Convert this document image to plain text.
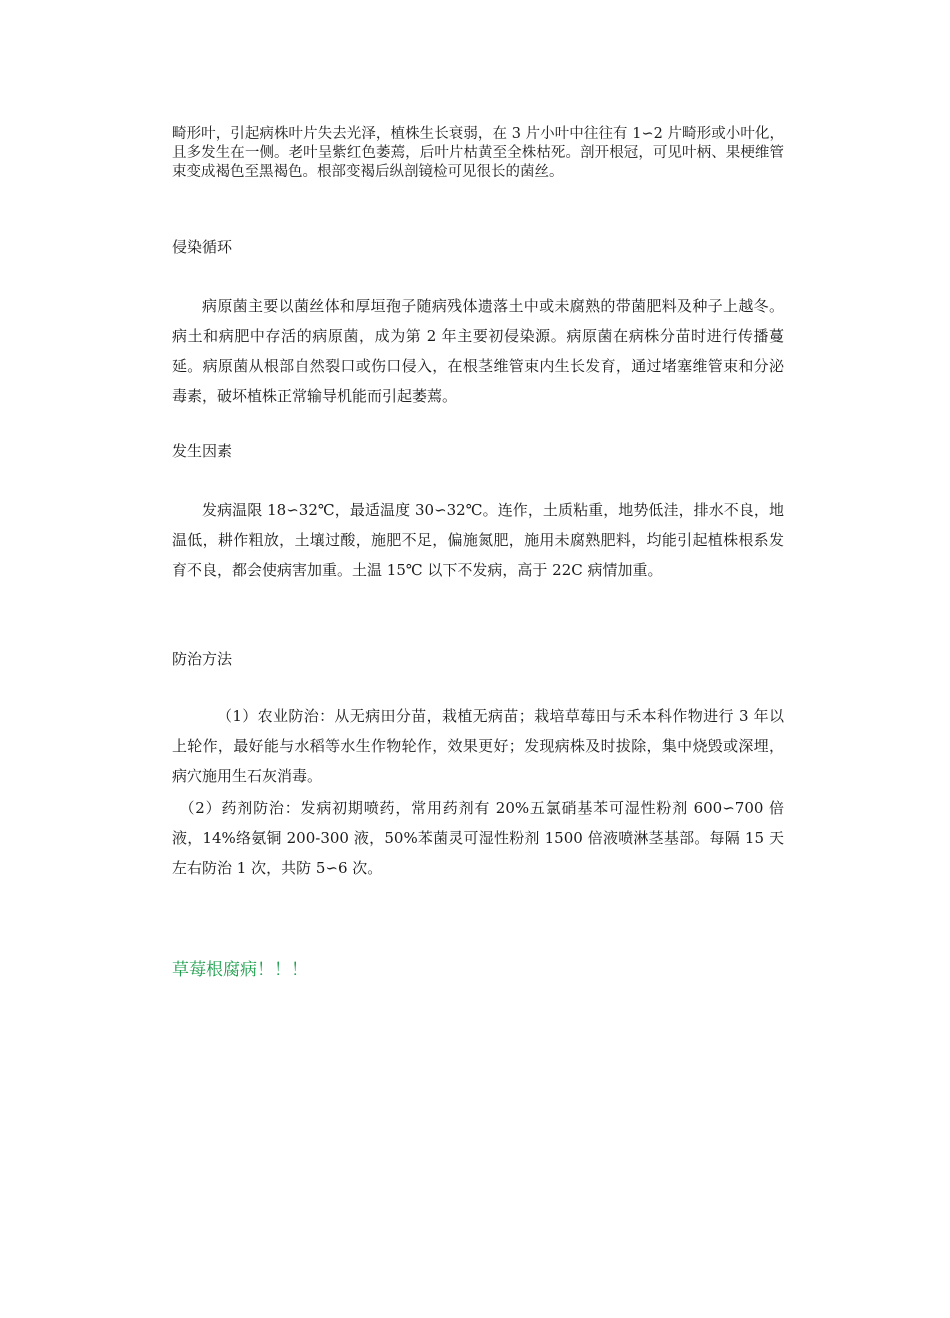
畸形叶，引起病株叶片失去光泽，植株生长衰弱，在 3 片小叶中往往有 1∽2 片畸形或小叶化，且多发生在一侧。老叶呈紫红色萎蔫，后叶片枯黄至全株枯死。剖开根冠，可见叶柄、果梗维管束变成褐色至黑褐色。根部变褐后纵剖镜检可见很长的菌丝。

侵染循环

病原菌主要以菌丝体和厚垣孢子随病残体遗落土中或未腐熟的带菌肥料及种子上越冬。病土和病肥中存活的病原菌，成为第 2 年主要初侵染源。病原菌在病株分苗时进行传播蔓延。病原菌从根部自然裂口或伤口侵入，在根茎维管束内生长发育，通过堵塞维管束和分泌毒素，破坏植株正常输导机能而引起萎蔫。

发生因素

发病温限 18∽32℃，最适温度 30∽32℃。连作，土质粘重，地势低洼，排水不良，地温低，耕作粗放，土壤过酸，施肥不足，偏施氮肥，施用未腐熟肥料，均能引起植株根系发育不良，都会使病害加重。土温 15℃ 以下不发病，高于 22C 病情加重。

防治方法

（1）农业防治：从无病田分苗，栽植无病苗；栽培草莓田与禾本科作物进行 3 年以上轮作，最好能与水稻等水生作物轮作，效果更好；发现病株及时拔除，集中烧毁或深埋，病穴施用生石灰消毒。

（2）药剂防治：发病初期喷药，常用药剂有 20%五氯硝基苯可湿性粉剂 600∽700 倍液，14%络氨铜 200-300 液，50%苯菌灵可湿性粉剂 1500 倍液喷淋茎基部。每隔 15 天左右防治 1 次，共防 5∽6 次。

草莓根腐病！！！
